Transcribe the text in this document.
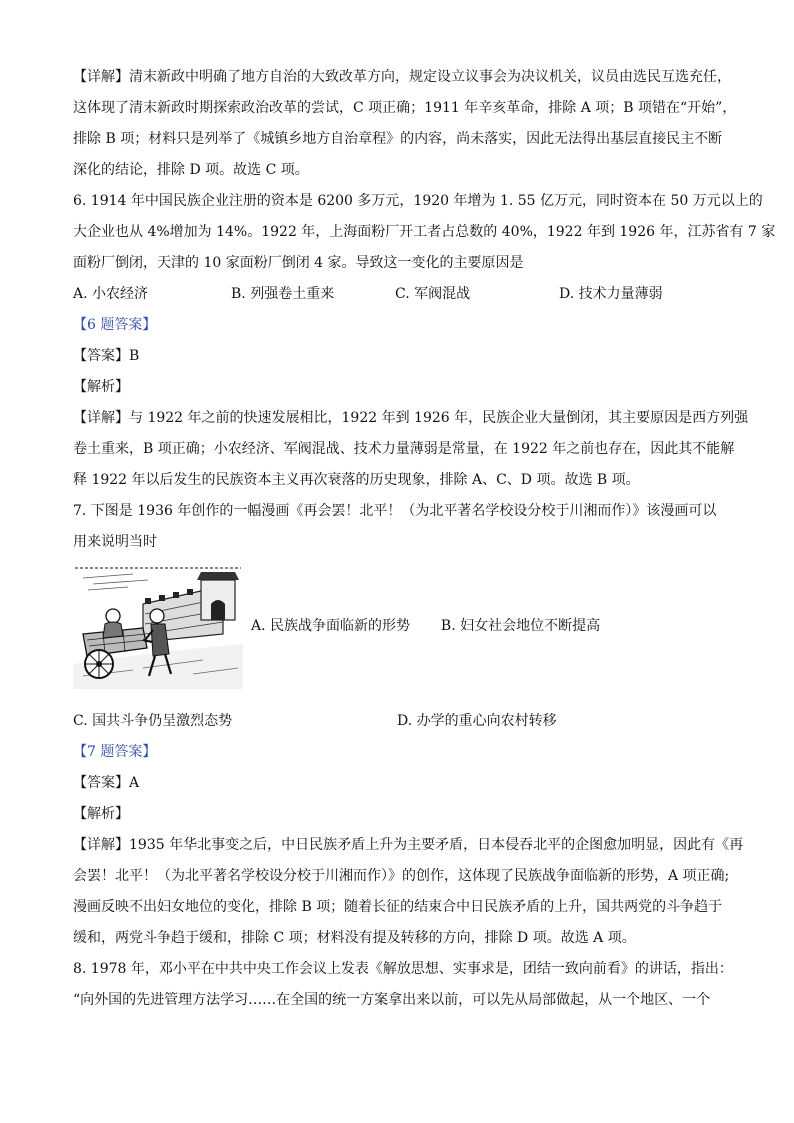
【详解】清末新政中明确了地方自治的大致改革方向，规定设立议事会为决议机关，议员由选民互选充任，
这体现了清末新政时期探索政治改革的尝试，C 项正确；1911 年辛亥革命，排除 A 项；B 项错在“开始”，
排除 B 项；材料只是列举了《城镇乡地方自治章程》的内容，尚未落实，因此无法得出基层直接民主不断
深化的结论，排除 D 项。故选 C 项。
6. 1914 年中国民族企业注册的资本是 6200 多万元，1920 年增为 1. 55 亿万元，同时资本在 50 万元以上的
大企业也从 4%增加为 14%。1922 年，上海面粉厂开工者占总数的 40%，1922 年到 1926 年，江苏省有 7 家
面粉厂倒闭，天津的 10 家面粉厂倒闭 4 家。导致这一变化的主要原因是
A. 小农经济	B. 列强卷土重来	C. 军阀混战	D. 技术力量薄弱
【6 题答案】
【答案】B
【解析】
【详解】与 1922 年之前的快速发展相比，1922 年到 1926 年，民族企业大量倒闭，其主要原因是西方列强
卷土重来，B 项正确；小农经济、军阀混战、技术力量薄弱是常量，在 1922 年之前也存在，因此其不能解
释 1922 年以后发生的民族资本主义再次衰落的历史现象，排除 A、C、D 项。故选 B 项。
7. 下图是 1936 年创作的一幅漫画《再会罢！北平！（为北平著名学校设分校于川湘而作）》该漫画可以
用来说明当时
A. 民族战争面临新的形势 B. 妇女社会地位不断提高
C. 国共斗争仍呈激烈态势	D. 办学的重心向农村转移
【7 题答案】
【答案】A
【解析】
【详解】1935 年华北事变之后，中日民族矛盾上升为主要矛盾，日本侵吞北平的企图愈加明显，因此有《再
会罢！北平！（为北平著名学校设分校于川湘而作）》的创作，这体现了民族战争面临新的形势，A 项正确;
漫画反映不出妇女地位的变化，排除 B 项；随着长征的结束合中日民族矛盾的上升，国共两党的斗争趋于
缓和，两党斗争趋于缓和，排除 C 项；材料没有提及转移的方向，排除 D 项。故选 A 项。
8. 1978 年，邓小平在中共中央工作会议上发表《解放思想、实事求是，团结一致向前看》的讲话，指出：
“向外国的先进管理方法学习……在全国的统一方案拿出来以前，可以先从局部做起，从一个地区、一个
